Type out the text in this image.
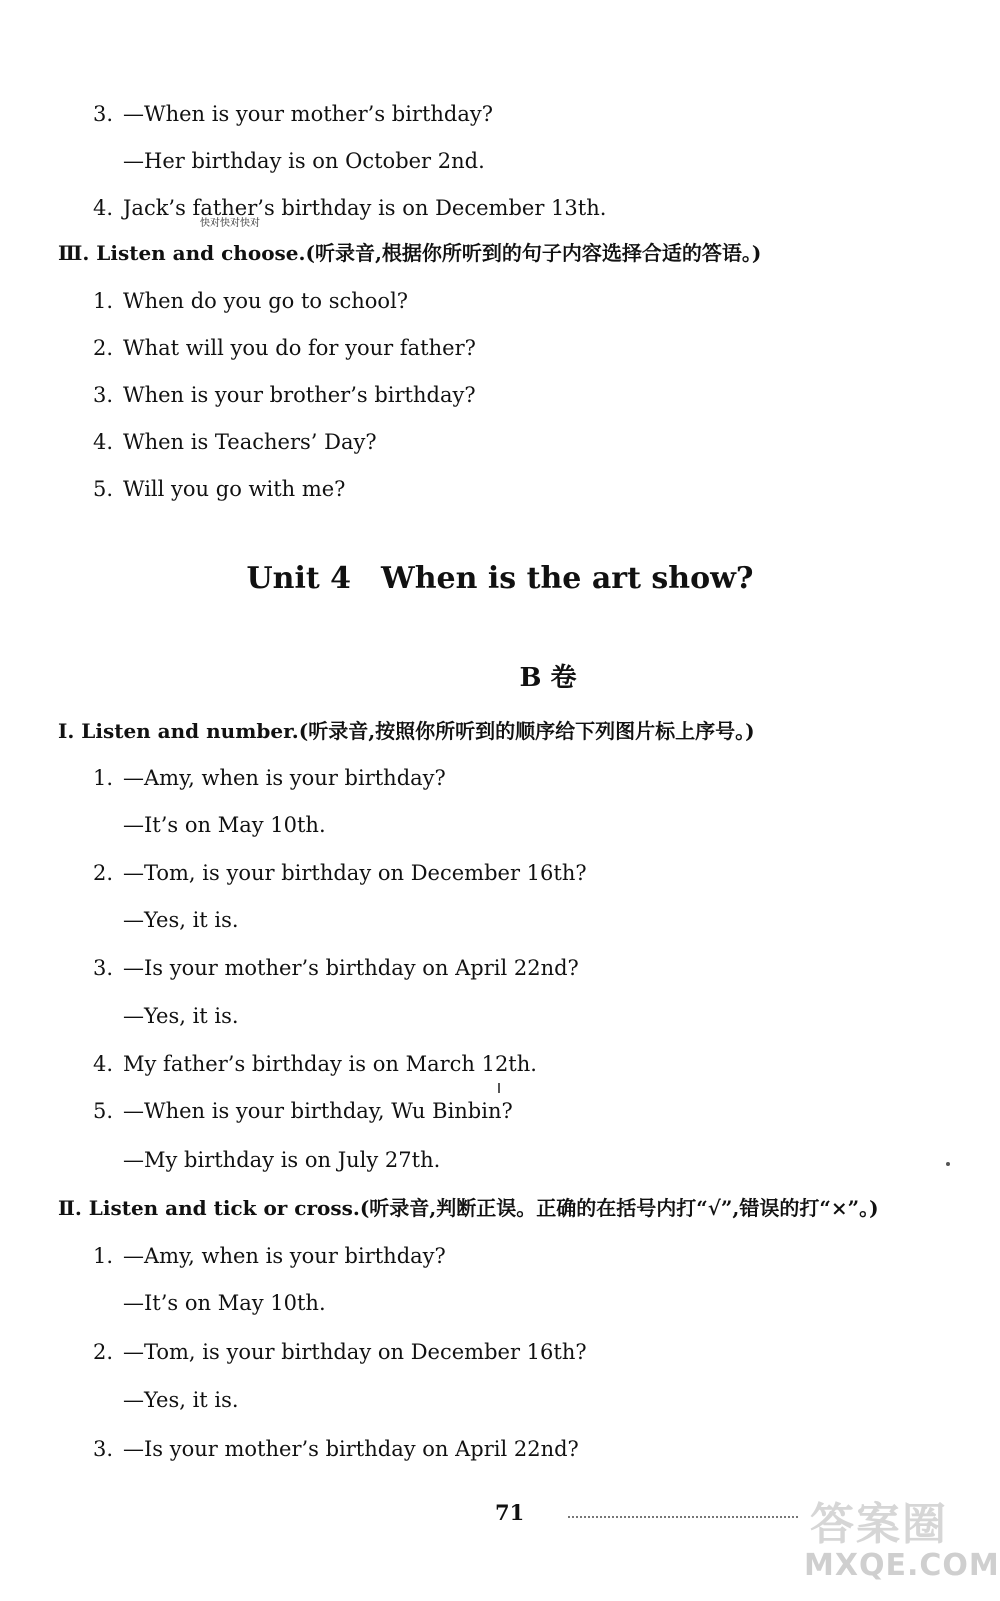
3. —When is your mother’s birthday?
—Her birthday is on October 2nd.
4. Jack’s father’s birthday is on December 13th.
快对快对快对
Ⅲ. Listen and choose.(听录音,根据你所听到的句子内容选择合适的答语。)
1. When do you go to school?
2. What will you do for your father?
3. When is your brother’s birthday?
4. When is Teachers’ Day?
5. Will you go with me?
Unit 4 When is the art show?
B 卷
Ⅰ. Listen and number.(听录音,按照你所听到的顺序给下列图片标上序号。)
1. —Amy, when is your birthday?
—It’s on May 10th.
2. —Tom, is your birthday on December 16th?
—Yes, it is.
3. —Is your mother’s birthday on April 22nd?
—Yes, it is.
4. My father’s birthday is on March 12th.
5. —When is your birthday, Wu Binbin?
—My birthday is on July 27th.
Ⅱ. Listen and tick or cross.(听录音,判断正误。正确的在括号内打“√”,错误的打“×”。)
1. —Amy, when is your birthday?
—It’s on May 10th.
2. —Tom, is your birthday on December 16th?
—Yes, it is.
3. —Is your mother’s birthday on April 22nd?
71	答案圈
MXQE.COM
